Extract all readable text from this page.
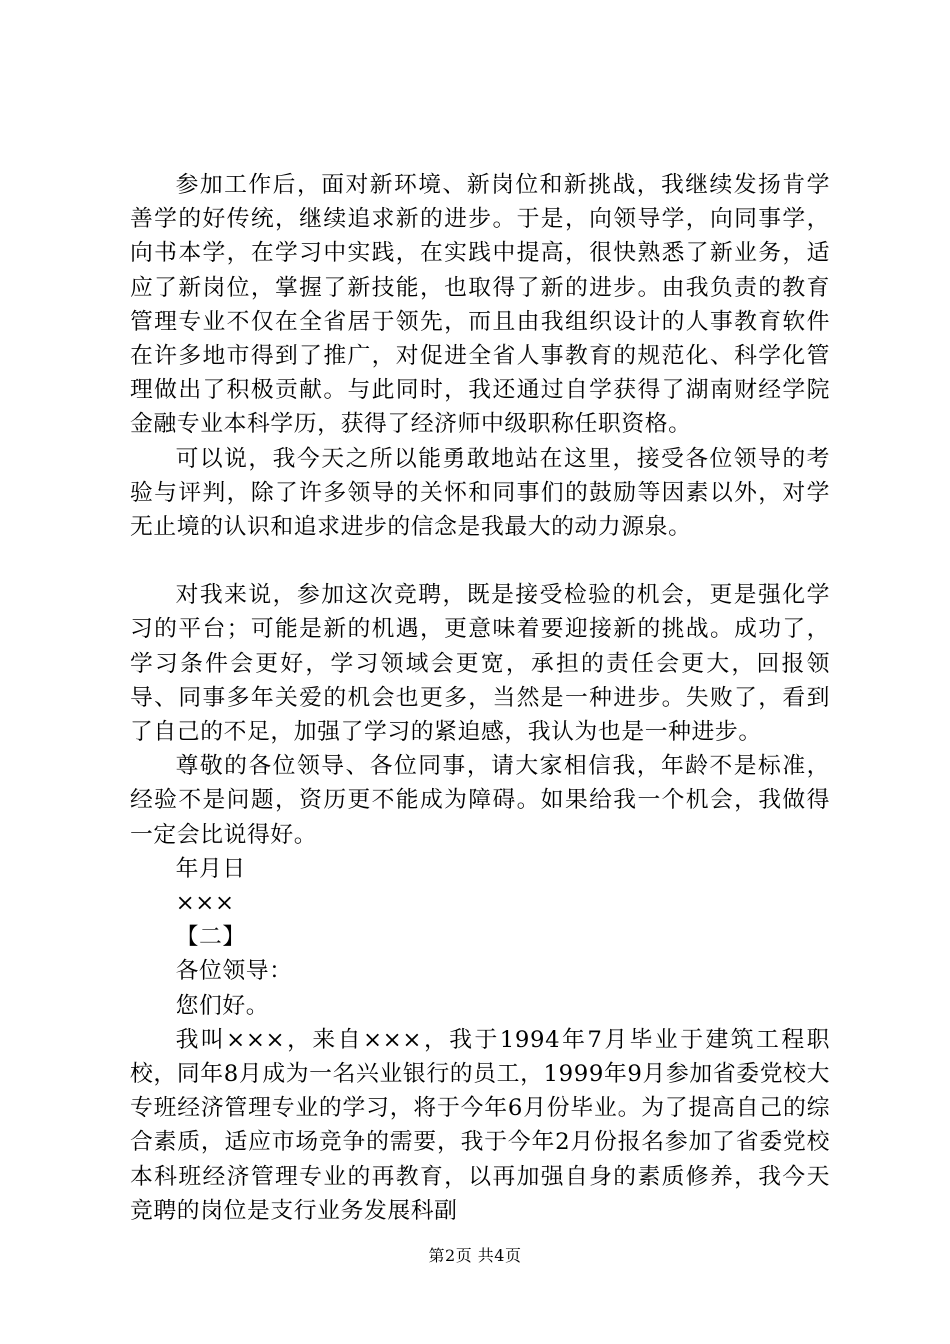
参加工作后，面对新环境、新岗位和新挑战，我继续发扬肯学善学的好传统，继续追求新的进步。于是，向领导学，向同事学，向书本学，在学习中实践，在实践中提高，很快熟悉了新业务，适应了新岗位，掌握了新技能，也取得了新的进步。由我负责的教育管理专业不仅在全省居于领先，而且由我组织设计的人事教育软件在许多地市得到了推广，对促进全省人事教育的规范化、科学化管理做出了积极贡献。与此同时，我还通过自学获得了湖南财经学院金融专业本科学历，获得了经济师中级职称任职资格。

可以说，我今天之所以能勇敢地站在这里，接受各位领导的考验与评判，除了许多领导的关怀和同事们的鼓励等因素以外，对学无止境的认识和追求进步的信念是我最大的动力源泉。

对我来说，参加这次竞聘，既是接受检验的机会，更是强化学习的平台；可能是新的机遇，更意味着要迎接新的挑战。成功了，学习条件会更好，学习领域会更宽，承担的责任会更大，回报领导、同事多年关爱的机会也更多，当然是一种进步。失败了，看到了自己的不足，加强了学习的紧迫感，我认为也是一种进步。

尊敬的各位领导、各位同事，请大家相信我，年龄不是标准，经验不是问题，资历更不能成为障碍。如果给我一个机会，我做得一定会比说得好。

年月日

×××

【二】

各位领导：

您们好。

我叫×××，来自×××，我于1994年7月毕业于建筑工程职校，同年8月成为一名兴业银行的员工，1999年9月参加省委党校大专班经济管理专业的学习，将于今年6月份毕业。为了提高自己的综合素质，适应市场竞争的需要，我于今年2月份报名参加了省委党校本科班经济管理专业的再教育，以再加强自身的素质修养，我今天竞聘的岗位是支行业务发展科副

第2页 共4页
